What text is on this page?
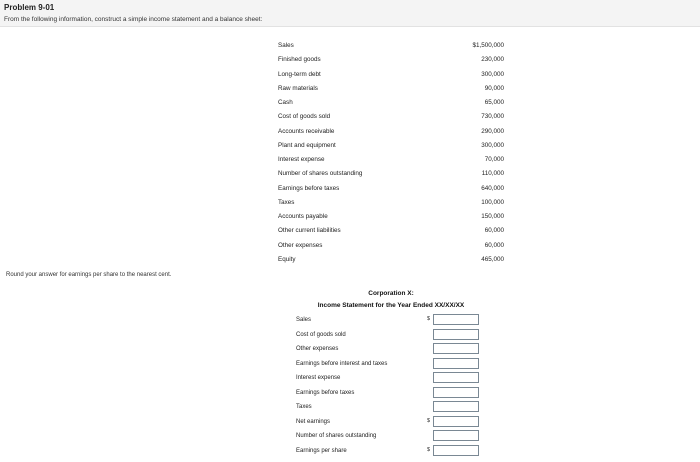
Problem 9-01
From the following information, construct a simple income statement and a balance sheet:
Round your answer for earnings per share to the nearest cent.
Sales	$1,500,000
Finished goods	230,000
Long-term debt	300,000
Raw materials	90,000
Cash	65,000
Cost of goods sold	730,000
Accounts receivable	290,000
Plant and equipment	300,000
Interest expense	70,000
Number of shares outstanding	110,000
Earnings before taxes	640,000
Taxes	100,000
Accounts payable	150,000
Other current liabilities	60,000
Other expenses	60,000
Equity	465,000
Corporation X:
Income Statement for the Year Ended XX/XX/XX
Sales	$
Cost of goods sold
Other expenses
Earnings before interest and taxes
Interest expense
Earnings before taxes
Taxes
Net earnings	$
Number of shares outstanding
Earnings per share	$
